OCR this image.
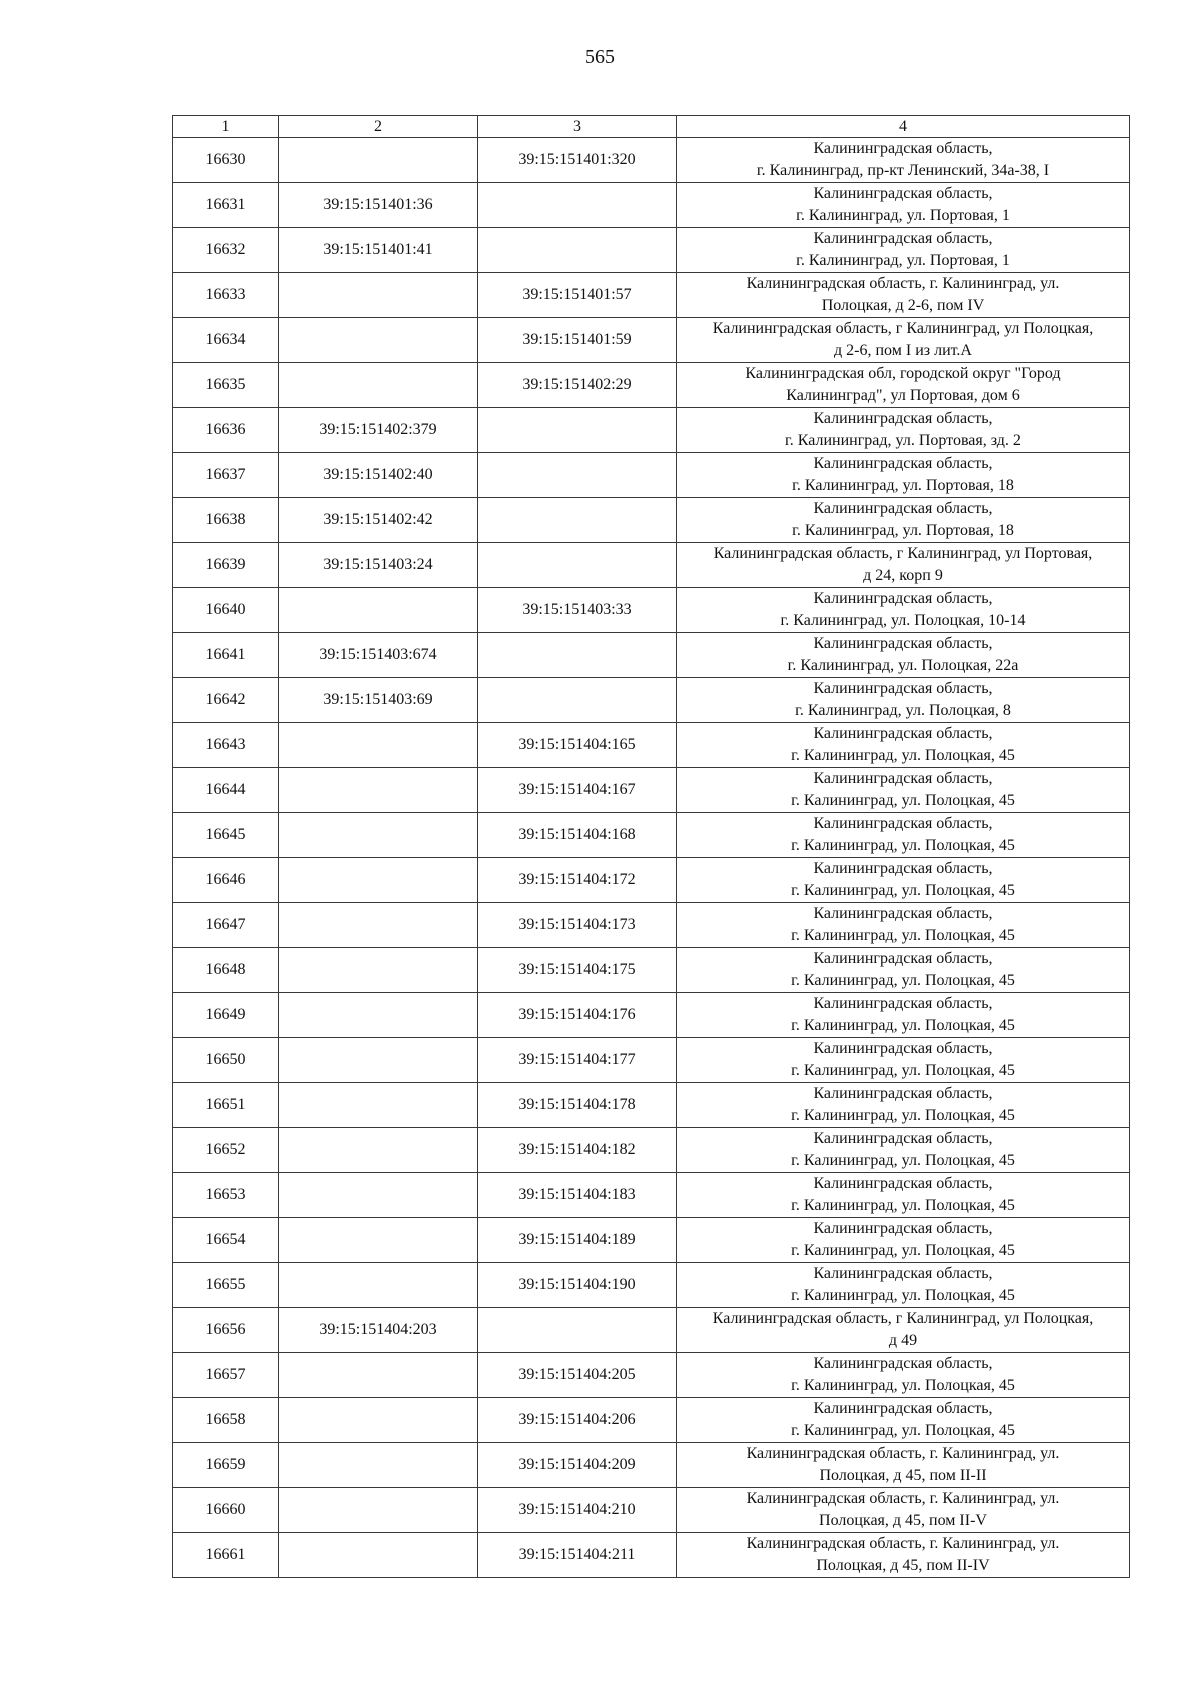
565
1	2	3	4
16630		39:15:151401:320	Калининградская область,
г. Калининград, пр-кт Ленинский, 34а-38, I
16631	39:15:151401:36		Калининградская область,
г. Калининград, ул. Портовая, 1
16632	39:15:151401:41		Калининградская область,
г. Калининград, ул. Портовая, 1
16633		39:15:151401:57	Калининградская область, г. Калининград, ул.
Полоцкая, д 2-6, пом IV
16634		39:15:151401:59	Калининградская область, г Калининград, ул Полоцкая,
д 2-6, пом I из лит.А
16635		39:15:151402:29	Калининградская обл, городской округ "Город
Калининград", ул Портовая, дом 6
16636	39:15:151402:379		Калининградская область,
г. Калининград, ул. Портовая, зд. 2
16637	39:15:151402:40		Калининградская область,
г. Калининград, ул. Портовая, 18
16638	39:15:151402:42		Калининградская область,
г. Калининград, ул. Портовая, 18
16639	39:15:151403:24		Калининградская область, г Калининград, ул Портовая,
д 24, корп 9
16640		39:15:151403:33	Калининградская область,
г. Калининград, ул. Полоцкая, 10-14
16641	39:15:151403:674		Калининградская область,
г. Калининград, ул. Полоцкая, 22а
16642	39:15:151403:69		Калининградская область,
г. Калининград, ул. Полоцкая, 8
16643		39:15:151404:165	Калининградская область,
г. Калининград, ул. Полоцкая, 45
16644		39:15:151404:167	Калининградская область,
г. Калининград, ул. Полоцкая, 45
16645		39:15:151404:168	Калининградская область,
г. Калининград, ул. Полоцкая, 45
16646		39:15:151404:172	Калининградская область,
г. Калининград, ул. Полоцкая, 45
16647		39:15:151404:173	Калининградская область,
г. Калининград, ул. Полоцкая, 45
16648		39:15:151404:175	Калининградская область,
г. Калининград, ул. Полоцкая, 45
16649		39:15:151404:176	Калининградская область,
г. Калининград, ул. Полоцкая, 45
16650		39:15:151404:177	Калининградская область,
г. Калининград, ул. Полоцкая, 45
16651		39:15:151404:178	Калининградская область,
г. Калининград, ул. Полоцкая, 45
16652		39:15:151404:182	Калининградская область,
г. Калининград, ул. Полоцкая, 45
16653		39:15:151404:183	Калининградская область,
г. Калининград, ул. Полоцкая, 45
16654		39:15:151404:189	Калининградская область,
г. Калининград, ул. Полоцкая, 45
16655		39:15:151404:190	Калининградская область,
г. Калининград, ул. Полоцкая, 45
16656	39:15:151404:203		Калининградская область, г Калининград, ул Полоцкая,
д 49
16657		39:15:151404:205	Калининградская область,
г. Калининград, ул. Полоцкая, 45
16658		39:15:151404:206	Калининградская область,
г. Калининград, ул. Полоцкая, 45
16659		39:15:151404:209	Калининградская область, г. Калининград, ул.
Полоцкая, д 45, пом II-II
16660		39:15:151404:210	Калининградская область, г. Калининград, ул.
Полоцкая, д 45, пом II-V
16661		39:15:151404:211	Калининградская область, г. Калининград, ул.
Полоцкая, д 45, пом II-IV
